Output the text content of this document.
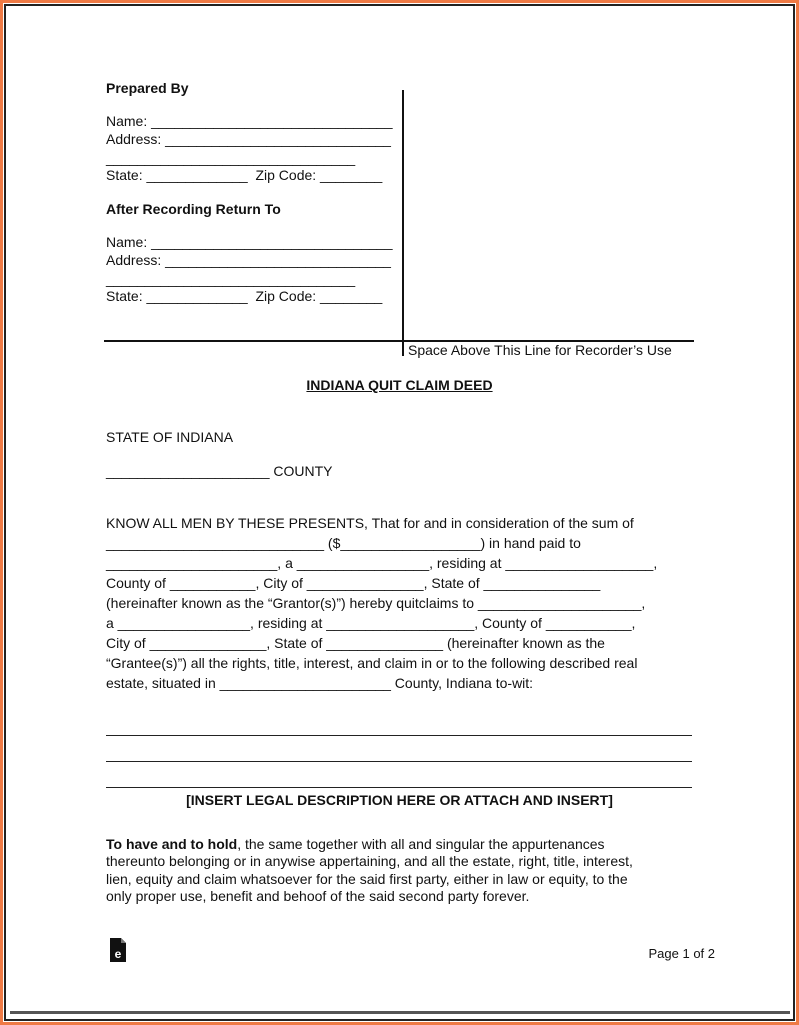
Prepared By
Name: _______________________________
Address: _____________________________
________________________________
State: _____________  Zip Code: ________
After Recording Return To
Name: _______________________________
Address: _____________________________
________________________________
State: _____________  Zip Code: ________
Space Above This Line for Recorder’s Use
INDIANA QUIT CLAIM DEED
STATE OF INDIANA
_____________________ COUNTY
KNOW ALL MEN BY THESE PRESENTS, That for and in consideration of the sum of
____________________________ ($__________________) in hand paid to
______________________, a _________________, residing at ___________________,
County of ___________, City of _______________, State of _______________
(hereinafter known as the “Grantor(s)”) hereby quitclaims to _____________________,
a _________________, residing at ___________________, County of ___________,
City of _______________, State of _______________ (hereinafter known as the
“Grantee(s)”) all the rights, title, interest, and claim in or to the following described real
estate, situated in ______________________ County, Indiana to-wit:
[INSERT LEGAL DESCRIPTION HERE OR ATTACH AND INSERT]
To have and to hold, the same together with all and singular the appurtenances
thereunto belonging or in anywise appertaining, and all the estate, right, title, interest,
lien, equity and claim whatsoever for the said first party, either in law or equity, to the
only proper use, benefit and behoof of the said second party forever.
e	Page 1 of 2
